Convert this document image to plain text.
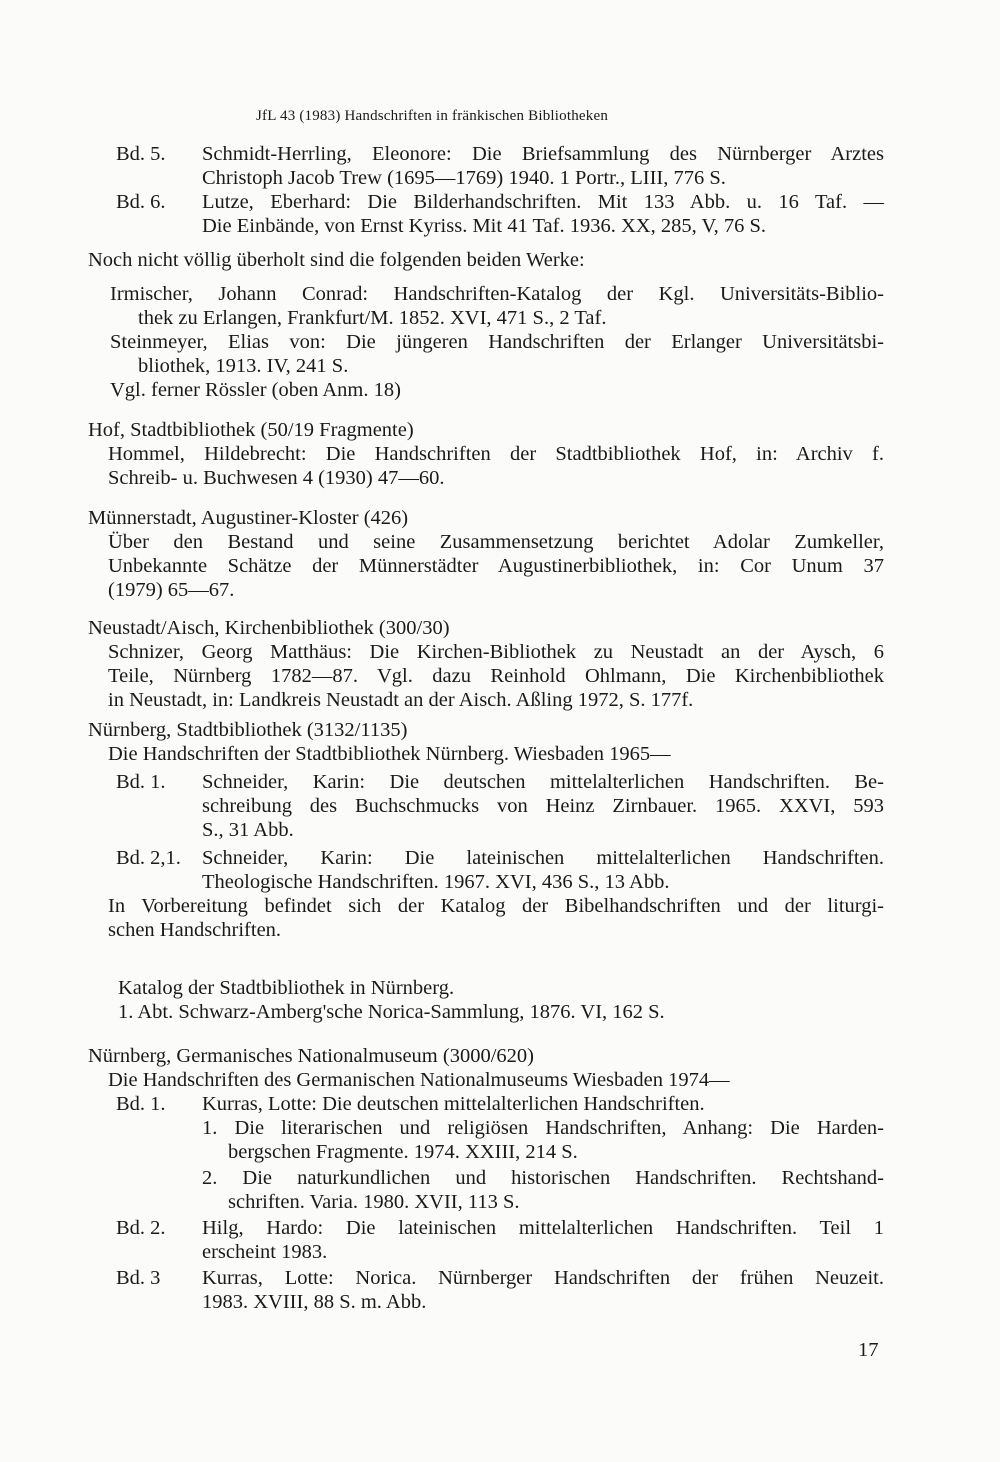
JfL 43 (1983) Handschriften in fränkischen Bibliotheken
Bd. 5. Schmidt-Herrling, Eleonore: Die Briefsammlung des Nürnberger Arztes
Christoph Jacob Trew (1695—1769) 1940. 1 Portr., LIII, 776 S.
Bd. 6. Lutze, Eberhard: Die Bilderhandschriften. Mit 133 Abb. u. 16 Taf. —
Die Einbände, von Ernst Kyriss. Mit 41 Taf. 1936. XX, 285, V, 76 S.
Noch nicht völlig überholt sind die folgenden beiden Werke:
Irmischer, Johann Conrad: Handschriften-Katalog der Kgl. Universitäts-Biblio-
thek zu Erlangen, Frankfurt/M. 1852. XVI, 471 S., 2 Taf.
Steinmeyer, Elias von: Die jüngeren Handschriften der Erlanger Universitätsbi-
bliothek, 1913. IV, 241 S.
Vgl. ferner Rössler (oben Anm. 18)
Hof, Stadtbibliothek (50/19 Fragmente)
Hommel, Hildebrecht: Die Handschriften der Stadtbibliothek Hof, in: Archiv f.
Schreib- u. Buchwesen 4 (1930) 47—60.
Münnerstadt, Augustiner-Kloster (426)
Über den Bestand und seine Zusammensetzung berichtet Adolar Zumkeller,
Unbekannte Schätze der Münnerstädter Augustinerbibliothek, in: Cor Unum 37
(1979) 65—67.
Neustadt/Aisch, Kirchenbibliothek (300/30)
Schnizer, Georg Matthäus: Die Kirchen-Bibliothek zu Neustadt an der Aysch, 6
Teile, Nürnberg 1782—87. Vgl. dazu Reinhold Ohlmann, Die Kirchenbibliothek
in Neustadt, in: Landkreis Neustadt an der Aisch. Aßling 1972, S. 177f.
Nürnberg, Stadtbibliothek (3132/1135)
Die Handschriften der Stadtbibliothek Nürnberg. Wiesbaden 1965—
Bd. 1. Schneider, Karin: Die deutschen mittelalterlichen Handschriften. Be-
schreibung des Buchschmucks von Heinz Zirnbauer. 1965. XXVI, 593
S., 31 Abb.
Bd. 2,1. Schneider, Karin: Die lateinischen mittelalterlichen Handschriften.
Theologische Handschriften. 1967. XVI, 436 S., 13 Abb.
In Vorbereitung befindet sich der Katalog der Bibelhandschriften und der liturgi-
schen Handschriften.
Katalog der Stadtbibliothek in Nürnberg.
1. Abt. Schwarz-Amberg'sche Norica-Sammlung, 1876. VI, 162 S.
Nürnberg, Germanisches Nationalmuseum (3000/620)
Die Handschriften des Germanischen Nationalmuseums Wiesbaden 1974—
Bd. 1. Kurras, Lotte: Die deutschen mittelalterlichen Handschriften.
1. Die literarischen und religiösen Handschriften, Anhang: Die Harden-
bergschen Fragmente. 1974. XXIII, 214 S.
2. Die naturkundlichen und historischen Handschriften. Rechtshand-
schriften. Varia. 1980. XVII, 113 S.
Bd. 2. Hilg, Hardo: Die lateinischen mittelalterlichen Handschriften. Teil 1
erscheint 1983.
Bd. 3 Kurras, Lotte: Norica. Nürnberger Handschriften der frühen Neuzeit.
1983. XVIII, 88 S. m. Abb.
17
